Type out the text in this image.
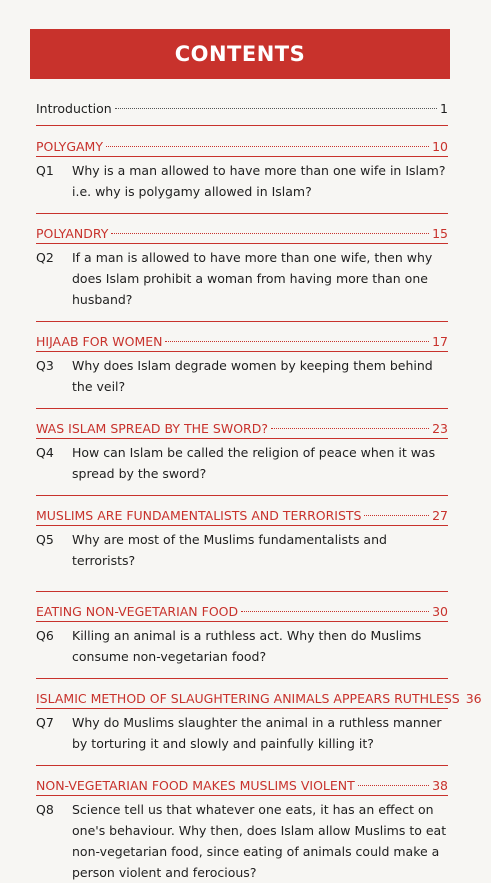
CONTENTS
Introduction	1
POLYGAMY	10
Q1	Why is a man allowed to have more than one wife in Islam? i.e. why is polygamy allowed in Islam?
POLYANDRY	15
Q2	If a man is allowed to have more than one wife, then why does Islam prohibit a woman from having more than one husband?
HIJAAB FOR WOMEN	17
Q3	Why does Islam degrade women by keeping them behind the veil?
WAS ISLAM SPREAD BY THE SWORD?	23
Q4	How can Islam be called the religion of peace when it was spread by the sword?
MUSLIMS ARE FUNDAMENTALISTS AND TERRORISTS	27
Q5	Why are most of the Muslims fundamentalists and terrorists?
EATING NON-VEGETARIAN FOOD	30
Q6	Killing an animal is a ruthless act. Why then do Muslims consume non-vegetarian food?
ISLAMIC METHOD OF SLAUGHTERING ANIMALS APPEARS RUTHLESS 36
Q7	Why do Muslims slaughter the animal in a ruthless manner by torturing it and slowly and painfully killing it?
NON-VEGETARIAN FOOD MAKES MUSLIMS VIOLENT	38
Q8	Science tell us that whatever one eats, it has an effect on one's behaviour. Why then, does Islam allow Muslims to eat non-vegetarian food, since eating of animals could make a person violent and ferocious?
